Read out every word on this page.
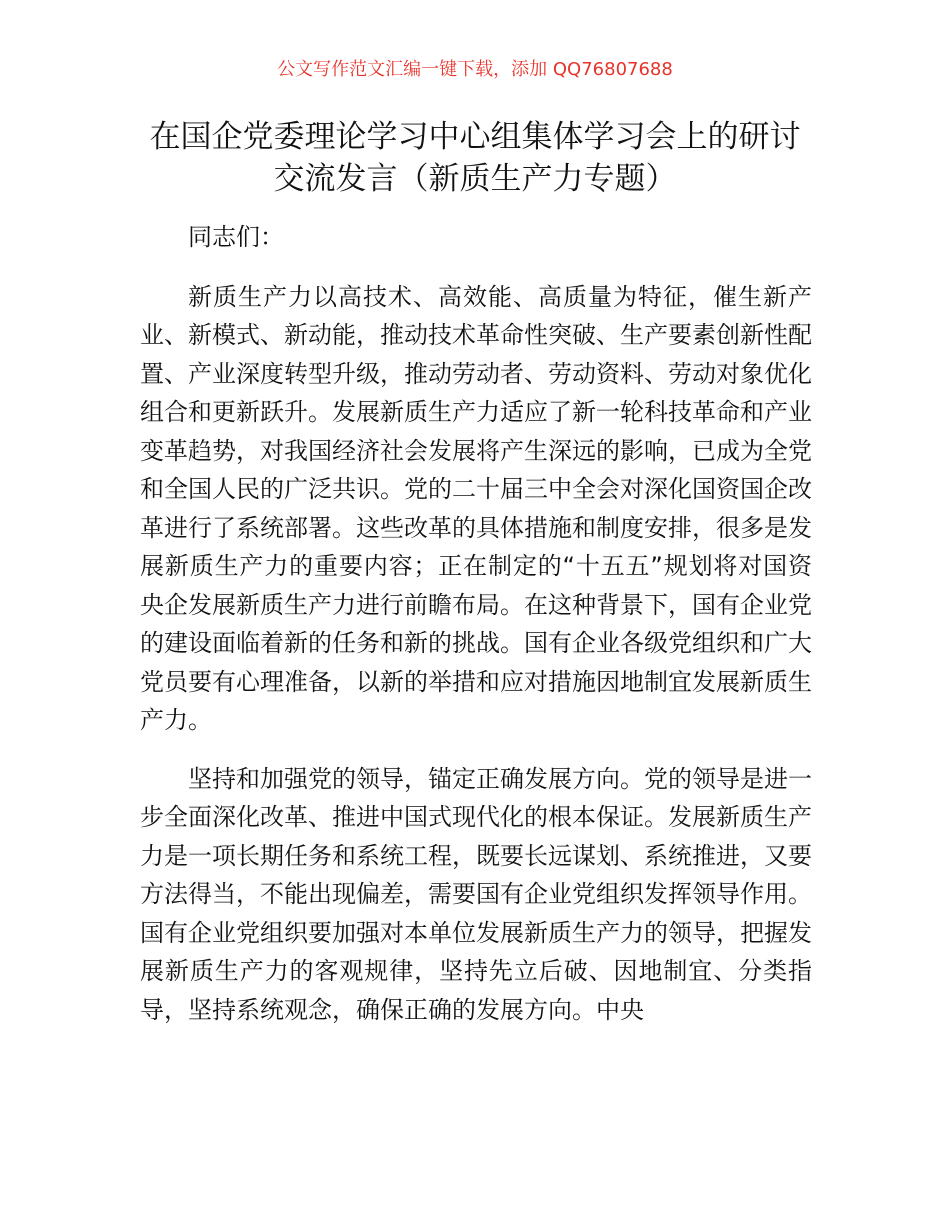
公文写作范文汇编一键下载，添加 QQ76807688
在国企党委理论学习中心组集体学习会上的研讨交流发言（新质生产力专题）

同志们：

新质生产力以高技术、高效能、高质量为特征，催生新产业、新模式、新动能，推动技术革命性突破、生产要素创新性配置、产业深度转型升级，推动劳动者、劳动资料、劳动对象优化组合和更新跃升。发展新质生产力适应了新一轮科技革命和产业变革趋势，对我国经济社会发展将产生深远的影响，已成为全党和全国人民的广泛共识。党的二十届三中全会对深化国资国企改革进行了系统部署。这些改革的具体措施和制度安排，很多是发展新质生产力的重要内容；正在制定的“十五五”规划将对国资央企发展新质生产力进行前瞻布局。在这种背景下，国有企业党的建设面临着新的任务和新的挑战。国有企业各级党组织和广大党员要有心理准备，以新的举措和应对措施因地制宜发展新质生产力。

坚持和加强党的领导，锚定正确发展方向。党的领导是进一步全面深化改革、推进中国式现代化的根本保证。发展新质生产力是一项长期任务和系统工程，既要长远谋划、系统推进，又要方法得当，不能出现偏差，需要国有企业党组织发挥领导作用。国有企业党组织要加强对本单位发展新质生产力的领导，把握发展新质生产力的客观规律，坚持先立后破、因地制宜、分类指导，坚持系统观念，确保正确的发展方向。中央
